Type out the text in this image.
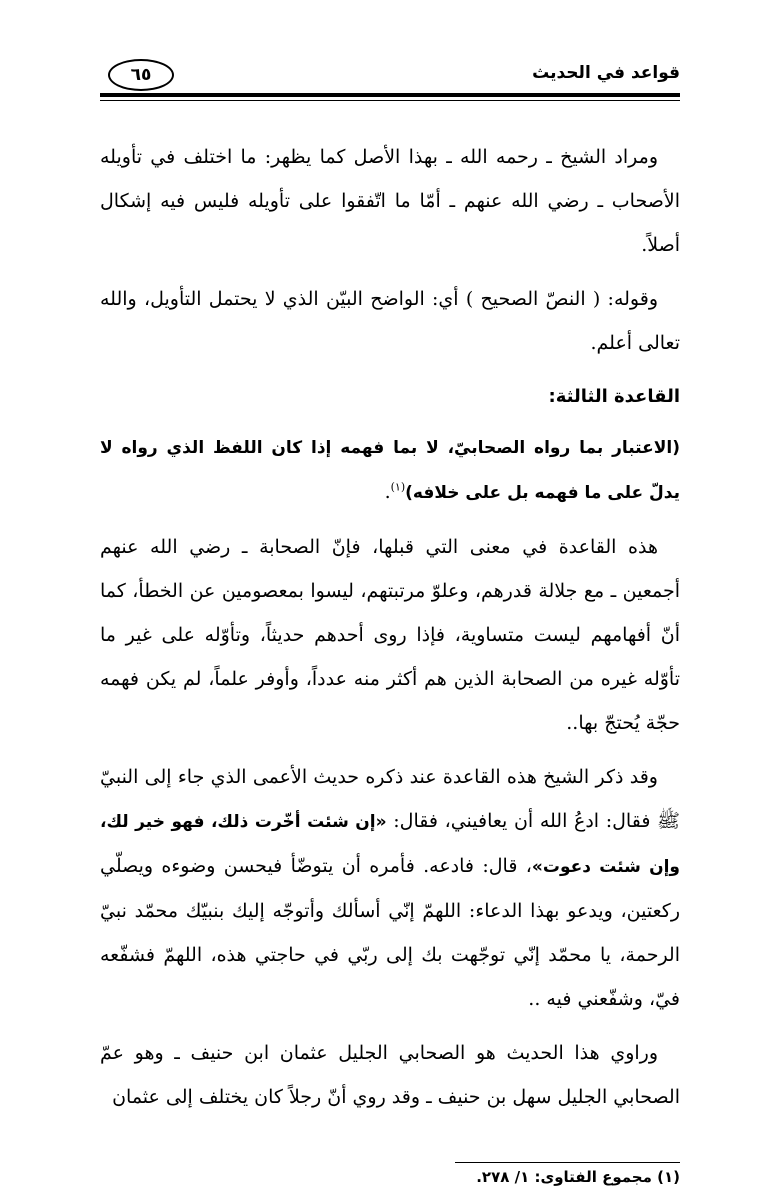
قواعد في الحديث
٦٥

ومراد الشيخ ـ رحمه الله ـ بهذا الأصل كما يظهر: ما اختلف في تأويله الأصحاب ـ رضي الله عنهم ـ أمّا ما اتّفقوا على تأويله فليس فيه إشكال أصلاً.

وقوله: ( النصّ الصحيح ) أي: الواضح البيّن الذي لا يحتمل التأويل، والله تعالى أعلم.

القاعدة الثالثة:

(الاعتبار بما رواه الصحابيّ، لا بما فهمه إذا كان اللفظ الذي رواه لا يدلّ على ما فهمه بل على خلافه)$^{(١)}$.

هذه القاعدة في معنى التي قبلها، فإنّ الصحابة ـ رضي الله عنهم أجمعين ـ مع جلالة قدرهم، وعلوّ مرتبتهم، ليسوا بمعصومين عن الخطأ، كما أنّ أفهامهم ليست متساوية، فإذا روى أحدهم حديثاً، وتأوّله على غير ما تأوّله غيره من الصحابة الذين هم أكثر منه عدداً، وأوفر علماً، لم يكن فهمه حجّة يُحتجّ بها..

وقد ذكر الشيخ هذه القاعدة عند ذكره حديث الأعمى الذي جاء إلى النبيّ ﷺ فقال: ادعُ الله أن يعافيني، فقال: «إن شئت أخّرت ذلك، فهو خير لك، وإن شئت دعوت»، قال: فادعه. فأمره أن يتوضّأ فيحسن وضوءه ويصلّي ركعتين، ويدعو بهذا الدعاء: اللهمّ إنّي أسألك وأتوجّه إليك بنبيّك محمّد نبيّ الرحمة، يا محمّد إنّي توجّهت بك إلى ربّي في حاجتي هذه، اللهمّ فشفّعه فيّ، وشفّعني فيه ..

وراوي هذا الحديث هو الصحابي الجليل عثمان ابن حنيف ـ وهو عمّ الصحابي الجليل سهل بن حنيف ـ وقد روي أنّ رجلاً كان يختلف إلى عثمان

(١) مجموع الفتاوى: ١/ ٢٧٨.
